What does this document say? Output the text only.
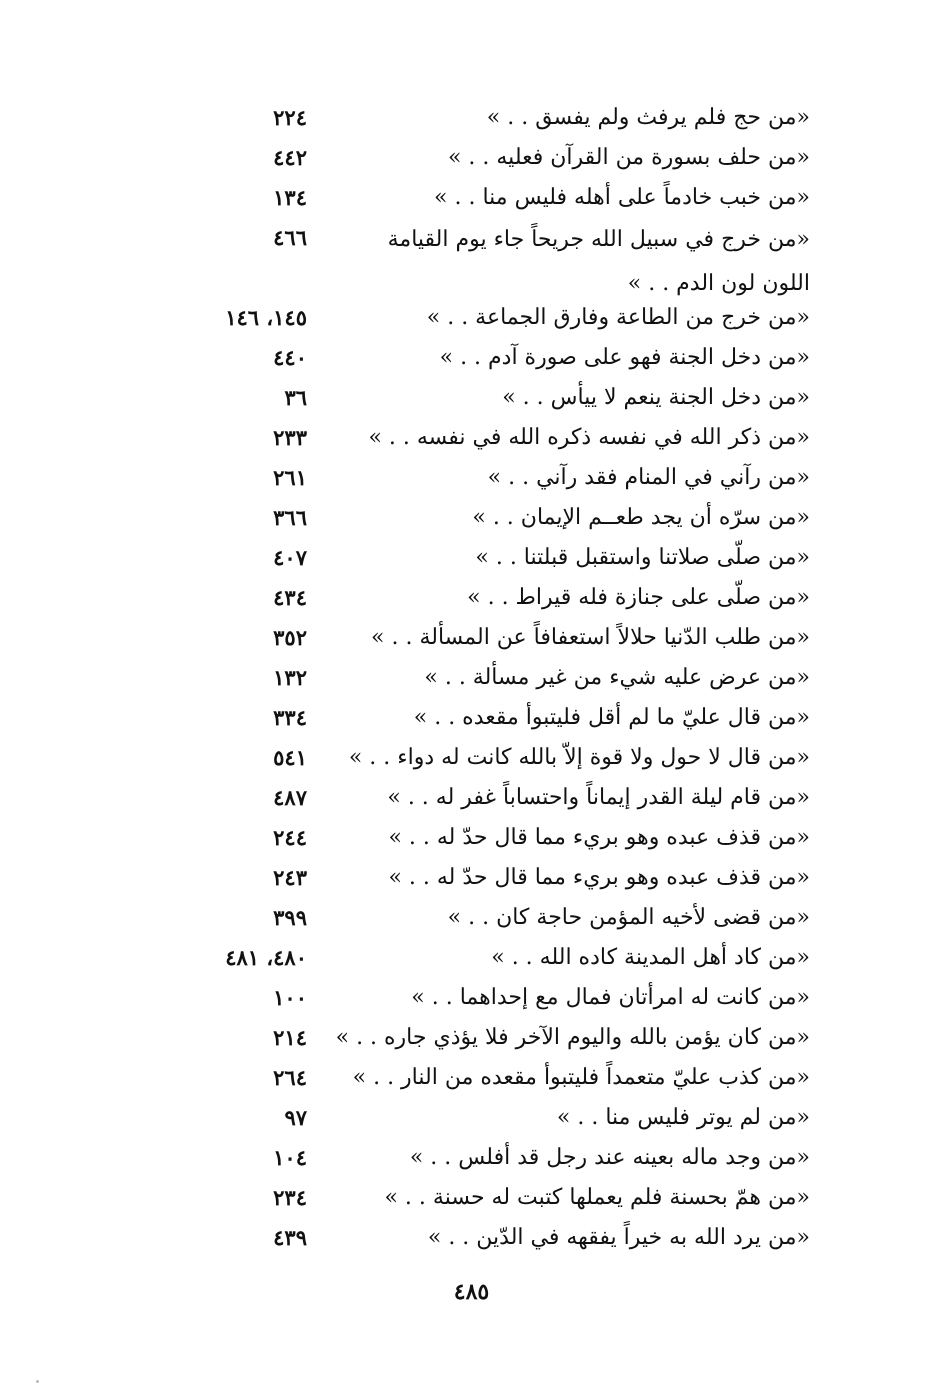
«من حج فلم يرفث ولم يفسق . . »
٢٢٤
«من حلف بسورة من القرآن فعليه . . »
٤٤٢
«من خبب خادماً على أهله فليس منا . . »
١٣٤
«من خرج في سبيل الله جريحاً جاء يوم القيامة اللون لون الدم . . »
٤٦٦
«من خرج من الطاعة وفارق الجماعة . . »
١٤٥، ١٤٦
«من دخل الجنة فهو على صورة آدم . . »
٤٤٠
«من دخل الجنة ينعم لا ييأس . . »
٣٦
«من ذكر الله في نفسه ذكره الله في نفسه . . »
٢٣٣
«من رآني في المنام فقد رآني . . »
٢٦١
«من سرّه أن يجد طعــم الإيمان . . »
٣٦٦
«من صلّى صلاتنا واستقبل قبلتنا . . »
٤٠٧
«من صلّى على جنازة فله قيراط . . »
٤٣٤
«من طلب الدّنيا حلالاً استعفافاً عن المسألة . . »
٣٥٢
«من عرض عليه شيء من غير مسألة . . »
١٣٢
«من قال عليّ ما لم أقل فليتبوأ مقعده . . »
٣٣٤
«من قال لا حول ولا قوة إلاّ بالله كانت له دواء . . »
٥٤١
«من قام ليلة القدر إيماناً واحتساباً غفر له . . »
٤٨٧
«من قذف عبده وهو بريء مما قال حدّ له . . »
٢٤٤
«من قذف عبده وهو بريء مما قال حدّ له . . »
٢٤٣
«من قضى لأخيه المؤمن حاجة كان . . »
٣٩٩
«من كاد أهل المدينة كاده الله . . »
٤٨٠، ٤٨١
«من كانت له امرأتان فمال مع إحداهما . . »
١٠٠
«من كان يؤمن بالله واليوم الآخر فلا يؤذي جاره . . »
٢١٤
«من كذب عليّ متعمداً فليتبوأ مقعده من النار . . »
٢٦٤
«من لم يوتر فليس منا . . »
٩٧
«من وجد ماله بعينه عند رجل قد أفلس . . »
١٠٤
«من همّ بحسنة فلم يعملها كتبت له حسنة . . »
٢٣٤
«من يرد الله به خيراً يفقهه في الدّين . . »
٤٣٩
٤٨٥
